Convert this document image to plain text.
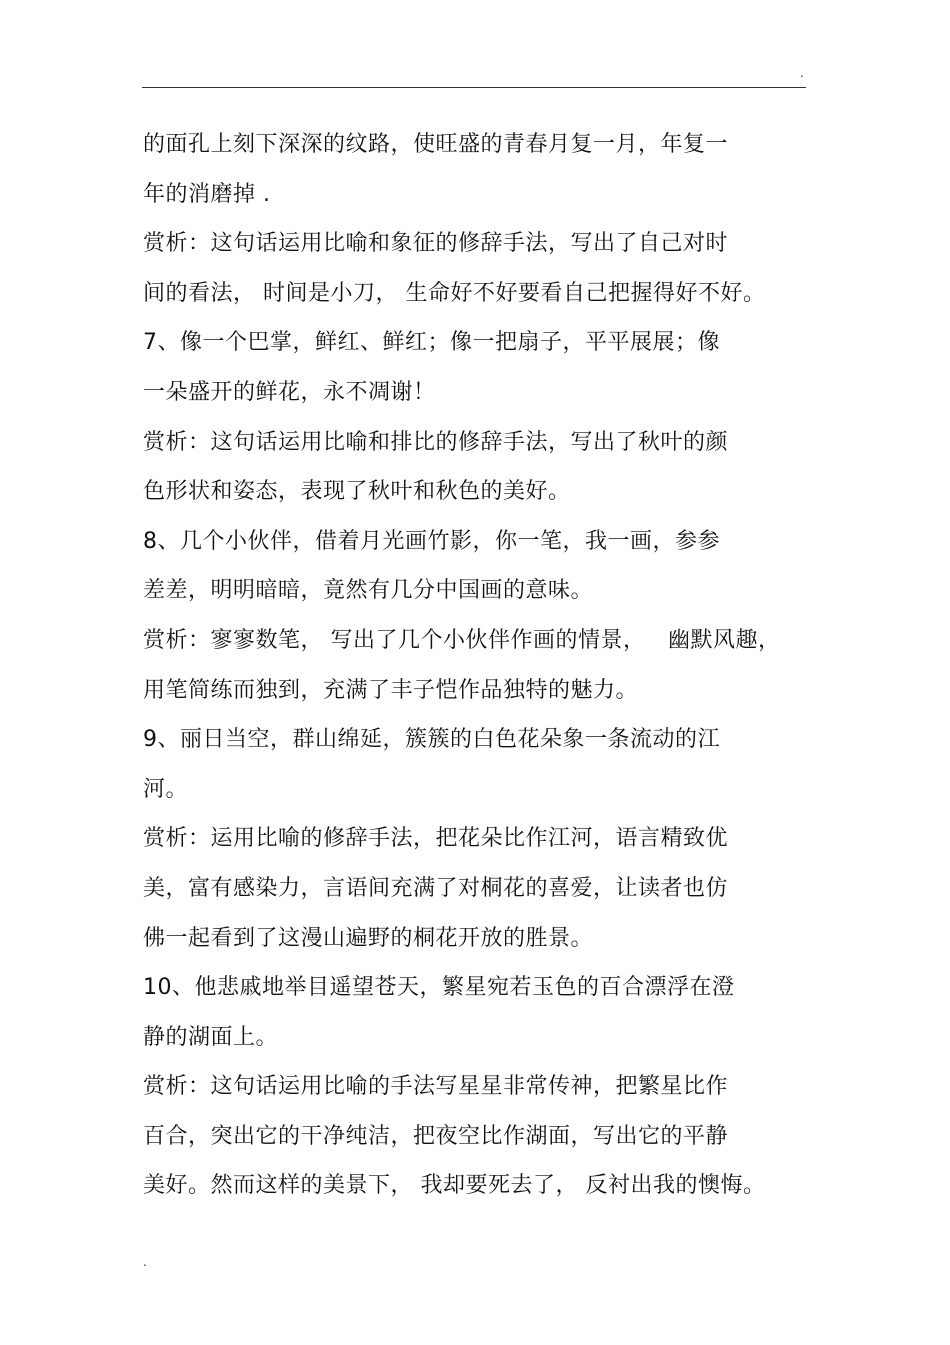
.
的面孔上刻下深深的纹路，使旺盛的青春月复一月，年复一
年的消磨掉 .
赏析：这句话运用比喻和象征的修辞手法，写出了自己对时
间的看法， 时间是小刀， 生命好不好要看自己把握得好不好。
7、像一个巴掌，鲜红、鲜红；像一把扇子，平平展展；像
一朵盛开的鲜花，永不凋谢！
赏析：这句话运用比喻和排比的修辞手法，写出了秋叶的颜
色形状和姿态，表现了秋叶和秋色的美好。
8、几个小伙伴，借着月光画竹影，你一笔，我一画，参参
差差，明明暗暗，竟然有几分中国画的意味。
赏析：寥寥数笔， 写出了几个小伙伴作画的情景，   幽默风趣，
用笔简练而独到，充满了丰子恺作品独特的魅力。
9、丽日当空，群山绵延，簇簇的白色花朵象一条流动的江
河。
赏析：运用比喻的修辞手法，把花朵比作江河，语言精致优
美，富有感染力，言语间充满了对桐花的喜爱，让读者也仿
佛一起看到了这漫山遍野的桐花开放的胜景。
10、他悲戚地举目遥望苍天，繁星宛若玉色的百合漂浮在澄
静的湖面上。
赏析：这句话运用比喻的手法写星星非常传神，把繁星比作
百合，突出它的干净纯洁，把夜空比作湖面，写出它的平静
美好。然而这样的美景下， 我却要死去了， 反衬出我的懊悔。
.
